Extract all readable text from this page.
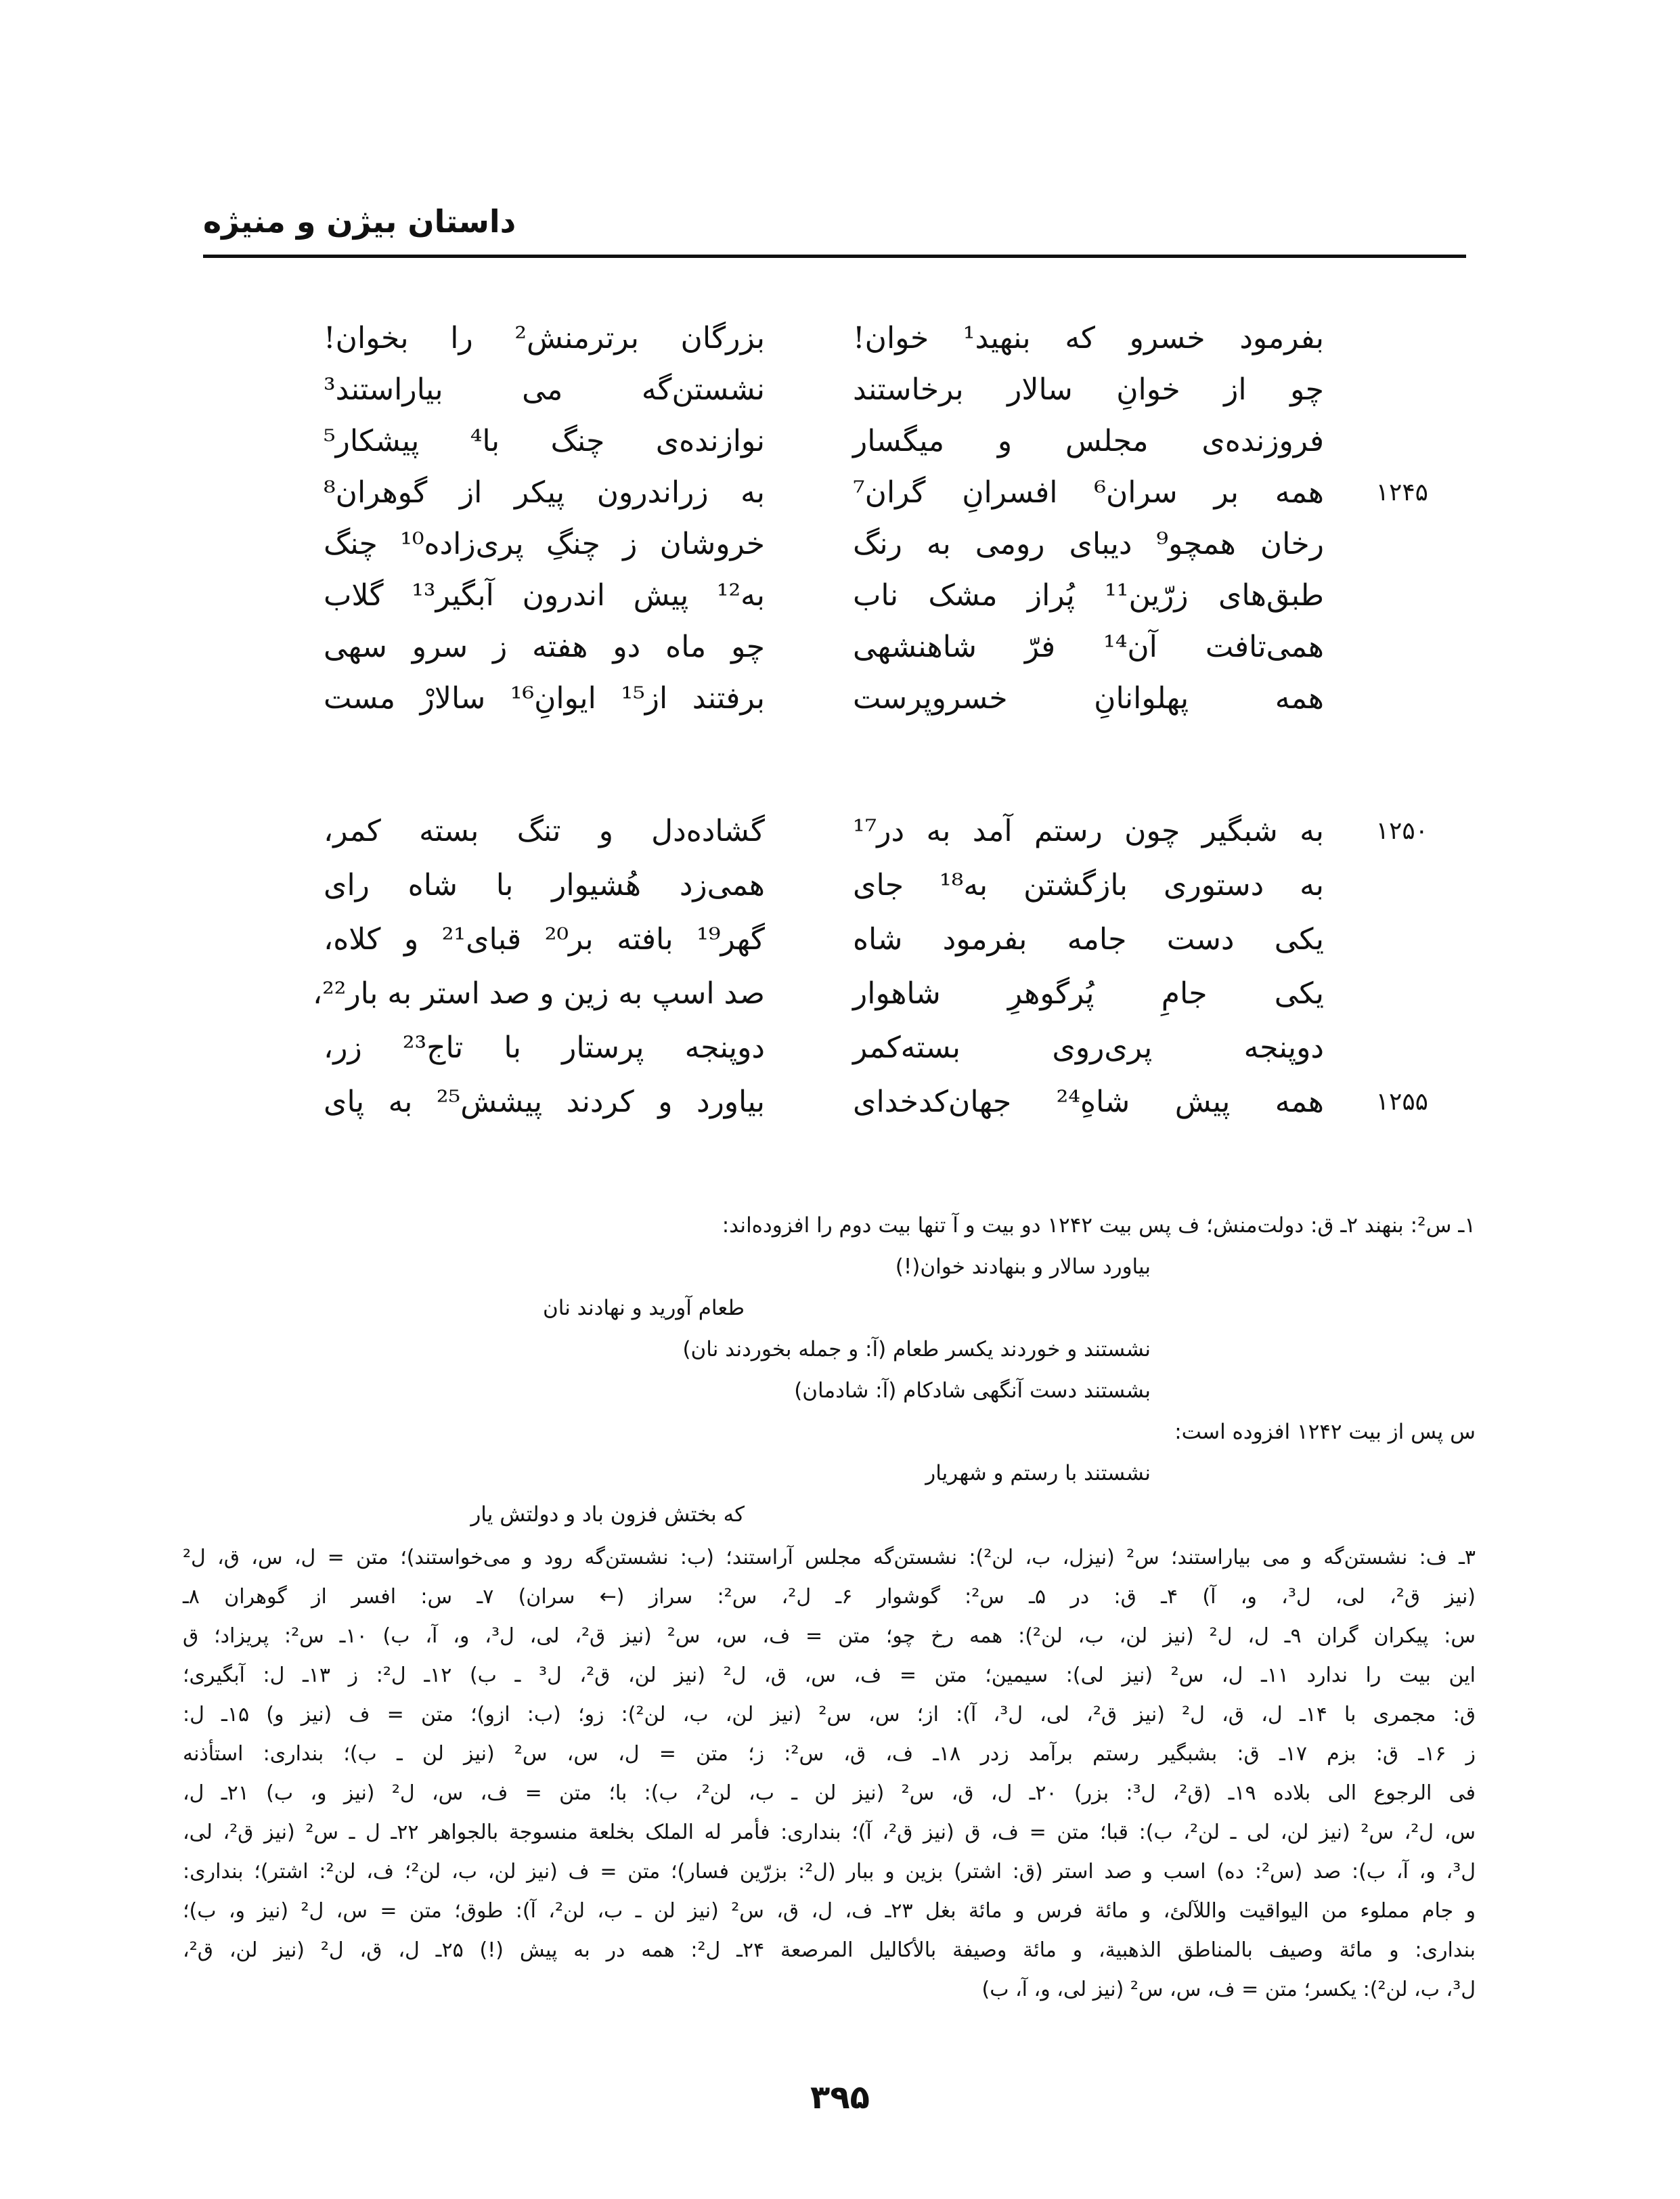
داستان بیژن و منیژه
بفرمود خسرو که بنهید¹ خوان!
بزرگان برترمنش² را بخوان!
چو از خوانِ سالار برخاستند
نشستن‌گه می بیاراستند³
فروزنده‌ی مجلس و میگسار
نوازنده‌ی چنگ با⁴ پیشکار⁵
۱۲۴۵
همه بر سران⁶ افسرانِ گران⁷
به زراندرون پیکر از گوهران⁸
رخان همچو⁹ دیبای رومی به رنگ
خروشان ز چنگِ پری‌زاده¹⁰ چنگ
طبق‌های زرّین¹¹ پُراز مشک ناب
به¹² پیش اندرون آبگیر¹³ گلاب
همی‌تافت آن¹⁴ فرّ شاهنشهی
چو ماه دو هفته ز سرو سهی
همه پهلوانانِ خسروپرست
برفتند از¹⁵ ایوانِ¹⁶ سالارْ مست
۱۲۵۰
به شبگیر چون رستم آمد به در¹⁷
گشاده‌دل و تنگ بسته کمر،
به دستوری بازگشتن به¹⁸ جای
همی‌زد هُشیوار با شاه رای
یکی دست جامه بفرمود شاه
گهر¹⁹ بافته بر²⁰ قبای²¹ و کلاه،
یکی جامِ پُرگوهرِ شاهوار
صد اسپ به زین و صد استر به بار²²،
دوپنجه پری‌روی بسته‌کمر
دوپنجه پرستار با تاج²³ زر،
۱۲۵۵
همه پیش شاهِ²⁴ جهان‌کدخدای
بیاورد و کردند پیشش²⁵ به پای
۱ـ س²: بنهند ۲ـ ق: دولت‌منش؛ ف پس بیت ۱۲۴۲ دو بیت و آ تنها بیت دوم را افزوده‌اند:
بیاورد سالار و بنهادند خوان(!)
طعام آورید و نهادند نان
نشستند و خوردند یکسر طعام (آ: و جمله بخوردند نان)
بشستند دست آنگهی شادکام (آ: شادمان)
س پس از بیت ۱۲۴۲ افزوده است:
نشستند با رستم و شهریار
که بختش فزون باد و دولتش یار
۳ـ ف: نشستن‌گه و می بیاراستند؛ س² (نیزل، ب، لن²): نشستن‌گه مجلس آراستند؛ (ب: نشستن‌گه رود و می‌خواستند)؛ متن = ل، س، ق، ل²
(نیز ق²، لی، ل³، و، آ) ۴ـ ق: در ۵ـ س²: گوشوار ۶ـ ل²، س²: سراز (← سران) ۷ـ س: افسر از گوهران ۸ـ
س: پیکران گران ۹ـ ل، ل² (نیز لن، ب، لن²): همه رخ چو؛ متن = ف، س، س² (نیز ق²، لی، ل³، و، آ، ب) ۱۰ـ س²: پریزاد؛ ق
این بیت را ندارد ۱۱ـ ل، س² (نیز لی): سیمین؛ متن = ف، س، ق، ل² (نیز لن، ق²، ل³ ـ ب) ۱۲ـ ل²: ز ۱۳ـ ل: آبگیری؛
ق: مجمری با ۱۴ـ ل، ق، ل² (نیز ق²، لی، ل³، آ): از؛ س، س² (نیز لن، ب، لن²): زو؛ (ب: ازو)؛ متن = ف (نیز و) ۱۵ـ ل:
ز ۱۶ـ ق: بزم ۱۷ـ ق: بشبگیر رستم برآمد زدر ۱۸ـ ف، ق، س²: ز؛ متن = ل، س، س² (نیز لن ـ ب)؛ بنداری: استأذنه
فی الرجوع الی بلاده ۱۹ـ (ق²، ل³: بزر) ۲۰ـ ل، ق، س² (نیز لن ـ ب، لن²، ب): با؛ متن = ف، س، ل² (نیز و، ب) ۲۱ـ ل،
س، ل²، س² (نیز لن، لی ـ لن²، ب): قبا؛ متن = ف، ق (نیز ق²، آ)؛ بنداری: فأمر له الملک بخلعة منسوجة بالجواهر ۲۲ـ ل ـ س² (نیز ق²، لی،
ل³، و، آ، ب): صد (س²: ده) اسب و صد استر (ق: اشتر) بزین و ببار (ل²: بزرّین فسار)؛ متن = ف (نیز لن، ب، لن²؛ ف، لن²: اشتر)؛ بنداری:
و جام مملوء من الیواقیت واللآلئ، و مائة فرس و مائة بغل ۲۳ـ ف، ل، ق، س² (نیز لن ـ ب، لن²، آ): طوق؛ متن = س، ل² (نیز و، ب)؛
بنداری: و مائة وصیف بالمناطق الذهبیة، و مائة وصیفة بالأکالیل المرصعة ۲۴ـ ل²: همه در به پیش (!) ۲۵ـ ل، ق، ل² (نیز لن، ق²،
ل³، ب، لن²): یکسر؛ متن = ف، س، س² (نیز لی، و، آ، ب)
۳۹۵
